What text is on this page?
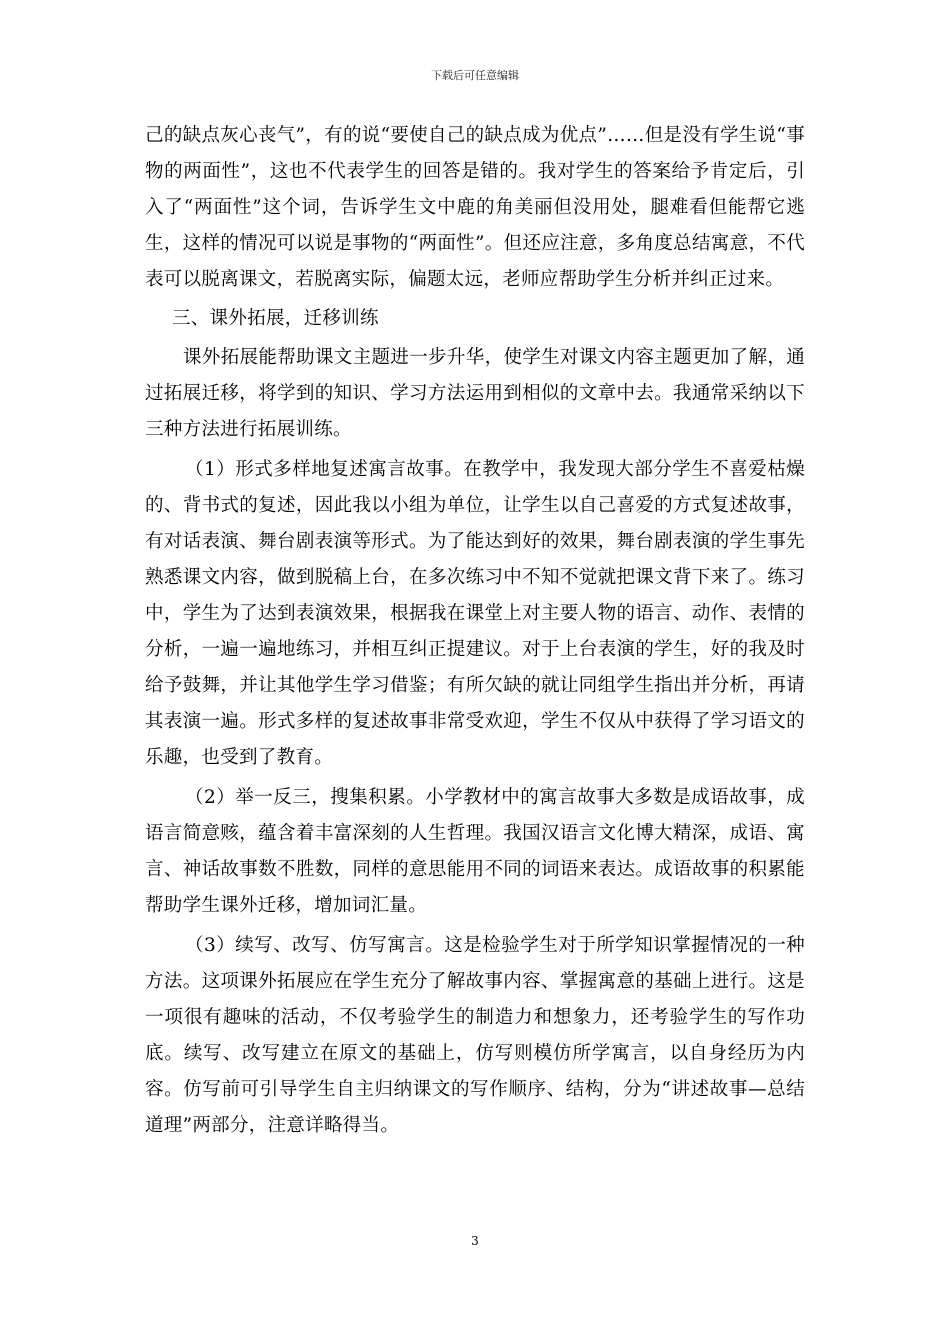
下载后可任意编辑

己的缺点灰心丧气”，有的说“要使自己的缺点成为优点”……但是没有学生说“事物的两面性”，这也不代表学生的回答是错的。我对学生的答案给予肯定后，引入了“两面性”这个词，告诉学生文中鹿的角美丽但没用处，腿难看但能帮它逃生，这样的情况可以说是事物的“两面性”。但还应注意，多角度总结寓意，不代表可以脱离课文，若脱离实际，偏题太远，老师应帮助学生分析并纠正过来。

三、课外拓展，迁移训练

课外拓展能帮助课文主题进一步升华，使学生对课文内容主题更加了解，通过拓展迁移，将学到的知识、学习方法运用到相似的文章中去。我通常采纳以下三种方法进行拓展训练。

（1）形式多样地复述寓言故事。在教学中，我发现大部分学生不喜爱枯燥的、背书式的复述，因此我以小组为单位，让学生以自己喜爱的方式复述故事，有对话表演、舞台剧表演等形式。为了能达到好的效果，舞台剧表演的学生事先熟悉课文内容，做到脱稿上台，在多次练习中不知不觉就把课文背下来了。练习中，学生为了达到表演效果，根据我在课堂上对主要人物的语言、动作、表情的分析，一遍一遍地练习，并相互纠正提建议。对于上台表演的学生，好的我及时给予鼓舞，并让其他学生学习借鉴；有所欠缺的就让同组学生指出并分析，再请其表演一遍。形式多样的复述故事非常受欢迎，学生不仅从中获得了学习语文的乐趣，也受到了教育。

（2）举一反三，搜集积累。小学教材中的寓言故事大多数是成语故事，成语言简意赅，蕴含着丰富深刻的人生哲理。我国汉语言文化博大精深，成语、寓言、神话故事数不胜数，同样的意思能用不同的词语来表达。成语故事的积累能帮助学生课外迁移，增加词汇量。

（3）续写、改写、仿写寓言。这是检验学生对于所学知识掌握情况的一种方法。这项课外拓展应在学生充分了解故事内容、掌握寓意的基础上进行。这是一项很有趣味的活动，不仅考验学生的制造力和想象力，还考验学生的写作功底。续写、改写建立在原文的基础上，仿写则模仿所学寓言，以自身经历为内容。仿写前可引导学生自主归纳课文的写作顺序、结构，分为“讲述故事—总结道理”两部分，注意详略得当。

3
